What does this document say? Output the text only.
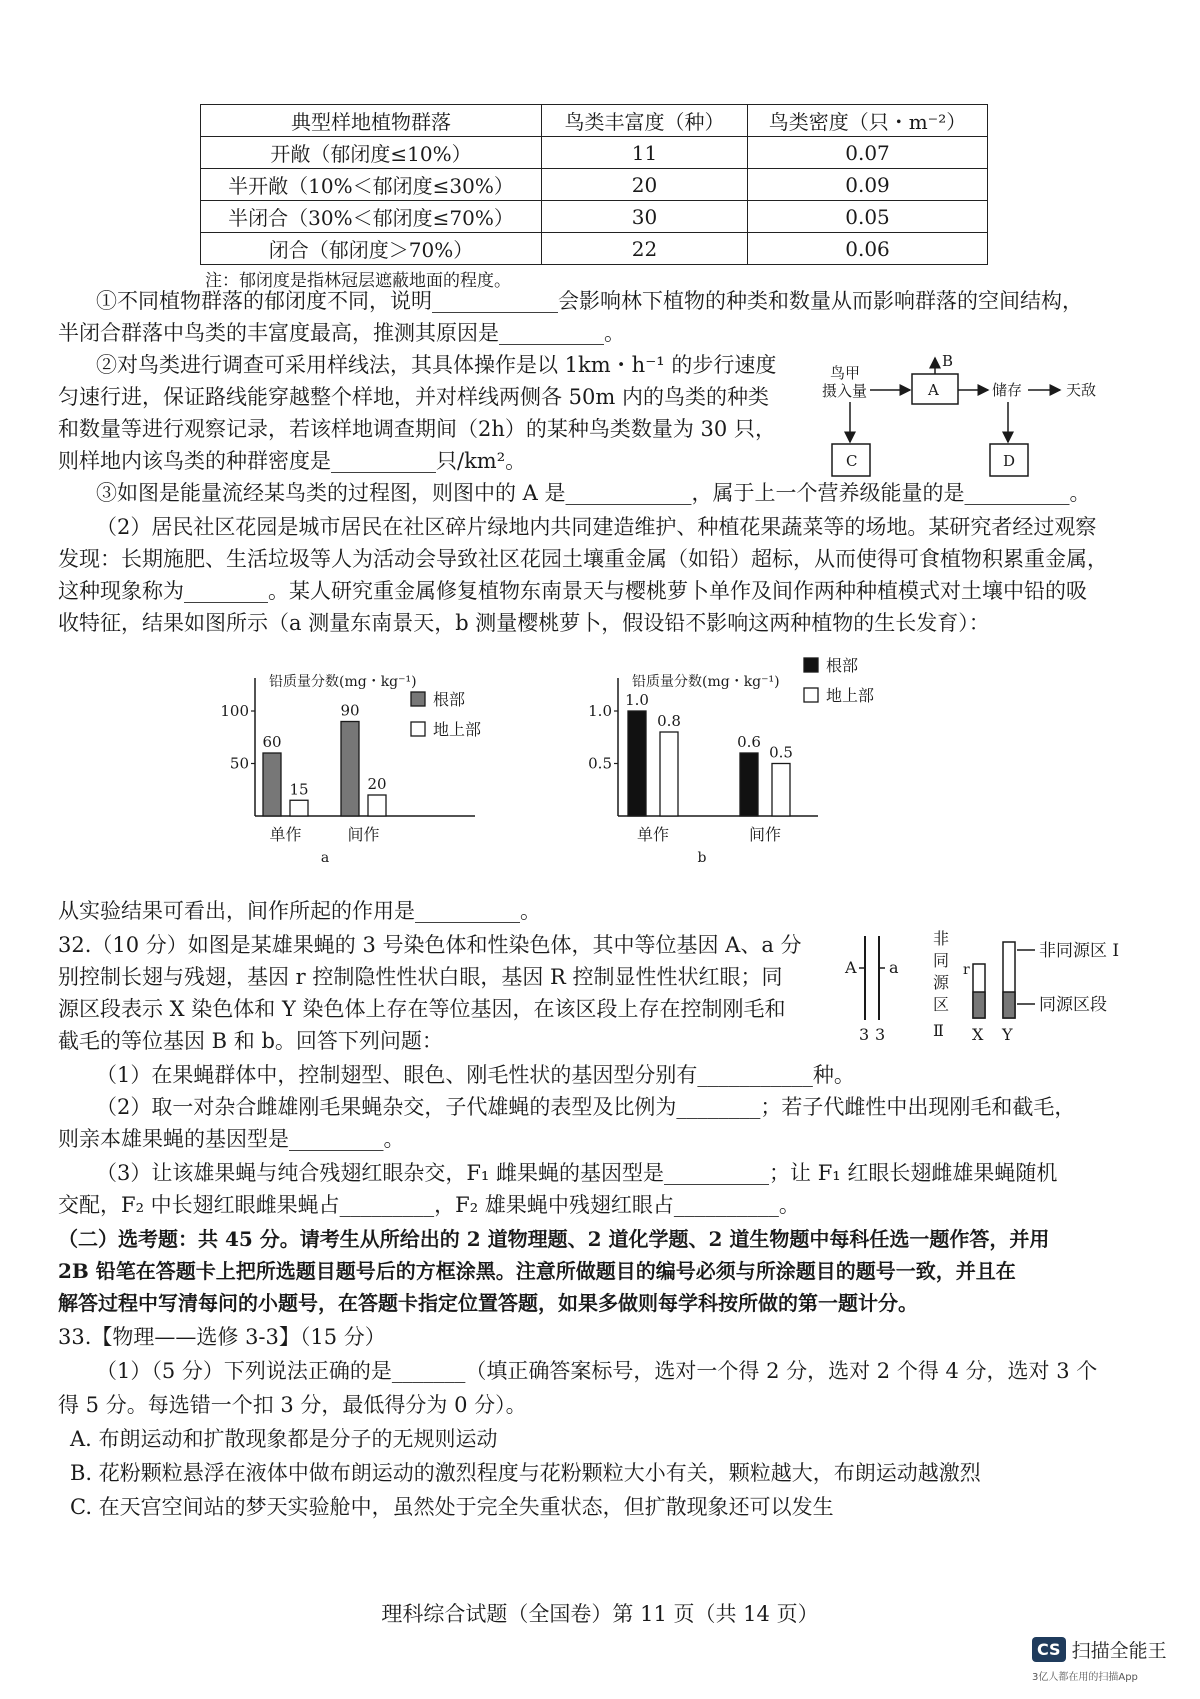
典型样地植物群落	鸟类丰富度（种）	鸟类密度（只・m⁻²）
开敞（郁闭度≤10%）	11	0.07
半开敞（10%＜郁闭度≤30%）	20	0.09
半闭合（30%＜郁闭度≤70%）	30	0.05
闭合（郁闭度＞70%）	22	0.06
注：郁闭度是指林冠层遮蔽地面的程度。
①不同植物群落的郁闭度不同，说明____________会影响林下植物的种类和数量从而影响群落的空间结构，
半闭合群落中鸟类的丰富度最高，推测其原因是__________。
②对鸟类进行调查可采用样线法，其具体操作是以 1km・h⁻¹ 的步行速度
匀速行进，保证路线能穿越整个样地，并对样线两侧各 50m 内的鸟类的种类
和数量等进行观察记录，若该样地调查期间（2h）的某种鸟类数量为 30 只，
则样地内该鸟类的种群密度是__________只/km²。
鸟甲
摄入量	A
B
储存	天敌
C	D
③如图是能量流经某鸟类的过程图，则图中的 A 是____________，属于上一个营养级能量的是__________。
（2）居民社区花园是城市居民在社区碎片绿地内共同建造维护、种植花果蔬菜等的场地。某研究者经过观察
发现：长期施肥、生活垃圾等人为活动会导致社区花园土壤重金属（如铅）超标，从而使得可食植物积累重金属，
这种现象称为________。某人研究重金属修复植物东南景天与樱桃萝卜单作及间作两种种植模式对土壤中铅的吸
收特征，结果如图所示（a 测量东南景天，b 测量樱桃萝卜，假设铅不影响这两种植物的生长发育）：
铅质量分数(mg・kg⁻¹)
50
100
60
15
单作
90
20
间作
根部
地上部
a
铅质量分数(mg・kg⁻¹)
0.5
1.0
1.0
0.8
单作
0.6
0.5
间作
根部
地上部
b
从实验结果可看出，间作所起的作用是__________。
32.（10 分）如图是某雄果蝇的 3 号染色体和性染色体，其中等位基因 A、a 分
别控制长翅与残翅，基因 r 控制隐性性状白眼，基因 R 控制显性性状红眼；同
源区段表示 X 染色体和 Y 染色体上存在等位基因，在该区段上存在控制刚毛和
截毛的等位基因 B 和 b。回答下列问题：
A a
3 3
非
同
源
区
Ⅱ
r
X Y
非同源区 I
同源区段
（1）在果蝇群体中，控制翅型、眼色、刚毛性状的基因型分别有___________种。
（2）取一对杂合雌雄刚毛果蝇杂交，子代雄蝇的表型及比例为________；若子代雌性中出现刚毛和截毛，
则亲本雄果蝇的基因型是_________。
（3）让该雄果蝇与纯合残翅红眼杂交，F₁ 雌果蝇的基因型是__________；让 F₁ 红眼长翅雌雄果蝇随机
交配，F₂ 中长翅红眼雌果蝇占_________，F₂ 雄果蝇中残翅红眼占__________。
（二）选考题：共 45 分。请考生从所给出的 2 道物理题、2 道化学题、2 道生物题中每科任选一题作答，并用
2B 铅笔在答题卡上把所选题目题号后的方框涂黑。注意所做题目的编号必须与所涂题目的题号一致，并且在
解答过程中写清每问的小题号，在答题卡指定位置答题，如果多做则每学科按所做的第一题计分。
33.【物理——选修 3-3】（15 分）
（1）（5 分）下列说法正确的是_______（填正确答案标号，选对一个得 2 分，选对 2 个得 4 分，选对 3 个
得 5 分。每选错一个扣 3 分，最低得分为 0 分）。
A. 布朗运动和扩散现象都是分子的无规则运动
B. 花粉颗粒悬浮在液体中做布朗运动的激烈程度与花粉颗粒大小有关，颗粒越大，布朗运动越激烈
C. 在天宫空间站的梦天实验舱中，虽然处于完全失重状态，但扩散现象还可以发生
理科综合试题（全国卷）第 11 页（共 14 页）
CS 扫描全能王
3亿人都在用的扫描App
